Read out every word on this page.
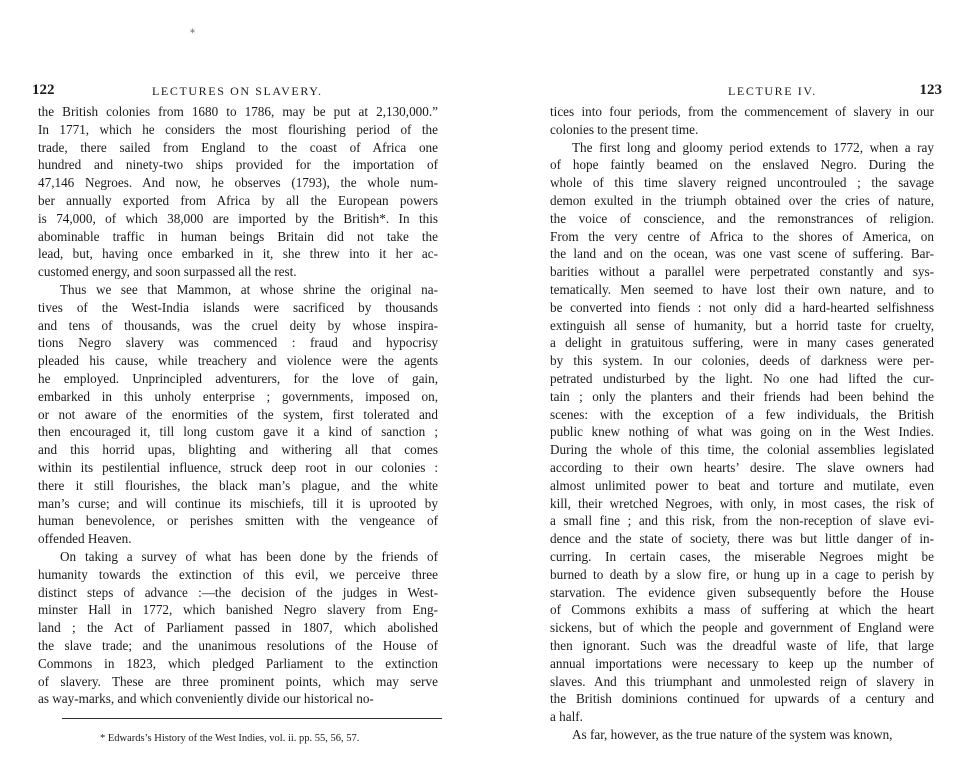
*
122	LECTURES ON SLAVERY.
the British colonies from 1680 to 1786, may be put at 2,130,000.”
In 1771, which he considers the most flourishing period of the
trade, there sailed from England to the coast of Africa one
hundred and ninety-two ships provided for the importation of
47,146 Negroes. And now, he observes (1793), the whole num-
ber annually exported from Africa by all the European powers
is 74,000, of which 38,000 are imported by the British*. In this
abominable traffic in human beings Britain did not take the
lead, but, having once embarked in it, she threw into it her ac-
customed energy, and soon surpassed all the rest.
Thus we see that Mammon, at whose shrine the original na-
tives of the West-India islands were sacrificed by thousands
and tens of thousands, was the cruel deity by whose inspira-
tions Negro slavery was commenced : fraud and hypocrisy
pleaded his cause, while treachery and violence were the agents
he employed. Unprincipled adventurers, for the love of gain,
embarked in this unholy enterprise ; governments, imposed on,
or not aware of the enormities of the system, first tolerated and
then encouraged it, till long custom gave it a kind of sanction ;
and this horrid upas, blighting and withering all that comes
within its pestilential influence, struck deep root in our colonies :
there it still flourishes, the black man’s plague, and the white
man’s curse; and will continue its mischiefs, till it is uprooted by
human benevolence, or perishes smitten with the vengeance of
offended Heaven.
On taking a survey of what has been done by the friends of
humanity towards the extinction of this evil, we perceive three
distinct steps of advance :—the decision of the judges in West-
minster Hall in 1772, which banished Negro slavery from Eng-
land ; the Act of Parliament passed in 1807, which abolished
the slave trade; and the unanimous resolutions of the House of
Commons in 1823, which pledged Parliament to the extinction
of slavery. These are three prominent points, which may serve
as way-marks, and which conveniently divide our historical no-
* Edwards’s History of the West Indies, vol. ii. pp. 55, 56, 57.
LECTURE IV.	123
tices into four periods, from the commencement of slavery in our
colonies to the present time.
The first long and gloomy period extends to 1772, when a ray
of hope faintly beamed on the enslaved Negro. During the
whole of this time slavery reigned uncontrouled ; the savage
demon exulted in the triumph obtained over the cries of nature,
the voice of conscience, and the remonstrances of religion.
From the very centre of Africa to the shores of America, on
the land and on the ocean, was one vast scene of suffering. Bar-
barities without a parallel were perpetrated constantly and sys-
tematically. Men seemed to have lost their own nature, and to
be converted into fiends : not only did a hard-hearted selfishness
extinguish all sense of humanity, but a horrid taste for cruelty,
a delight in gratuitous suffering, were in many cases generated
by this system. In our colonies, deeds of darkness were per-
petrated undisturbed by the light. No one had lifted the cur-
tain ; only the planters and their friends had been behind the
scenes: with the exception of a few individuals, the British
public knew nothing of what was going on in the West Indies.
During the whole of this time, the colonial assemblies legislated
according to their own hearts’ desire. The slave owners had
almost unlimited power to beat and torture and mutilate, even
kill, their wretched Negroes, with only, in most cases, the risk of
a small fine ; and this risk, from the non-reception of slave evi-
dence and the state of society, there was but little danger of in-
curring. In certain cases, the miserable Negroes might be
burned to death by a slow fire, or hung up in a cage to perish by
starvation. The evidence given subsequently before the House
of Commons exhibits a mass of suffering at which the heart
sickens, but of which the people and government of England were
then ignorant. Such was the dreadful waste of life, that large
annual importations were necessary to keep up the number of
slaves. And this triumphant and unmolested reign of slavery in
the British dominions continued for upwards of a century and
a half.
As far, however, as the true nature of the system was known,
